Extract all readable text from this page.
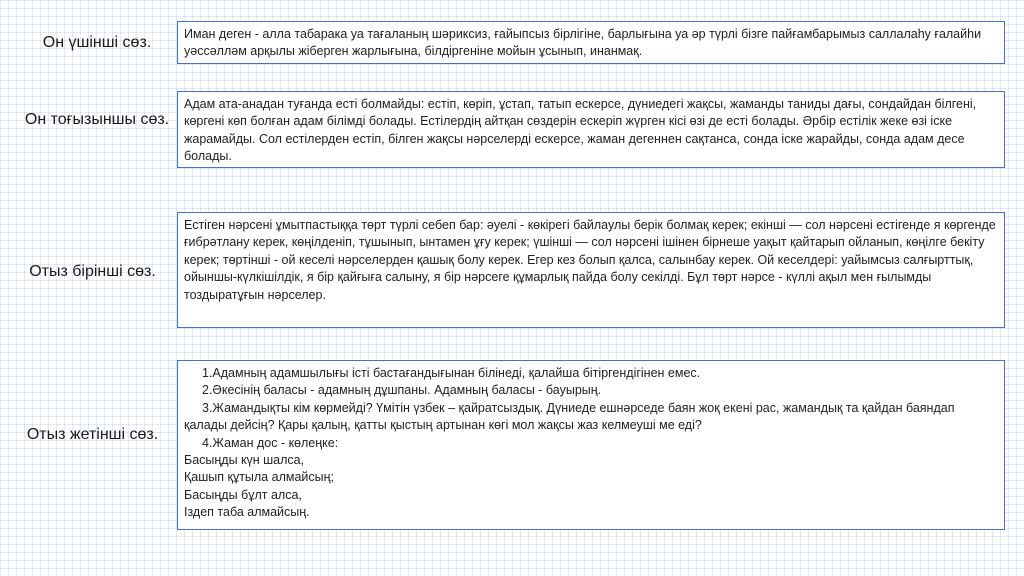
Он үшінші сөз.	Иман деген - алла табарака уа тағаланың шәриксиз, ғайыпсыз бірлігіне, барлығына уа әр түрлі бізге пайғамбарымыз саллалаһу ғалайһи уәссәлләм арқылы жіберген жарлығына, білдіргеніне мойын ұсынып, инанмақ.

Он тоғызыншы сөз.

Адам ата-анадан туғанда есті болмайды: естіп, көріп, ұстап, татып ескерсе, дүниедегі жақсы, жаманды таниды дағы, сондайдан білгені, көргені көп болған адам білімді болады. Естілердің айтқан сөздерін ескеріп жүрген кісі өзі де есті болады. Әрбір естілік жеке өзі іске жарамайды. Сол естілерден естіп, білген жақсы нәрселерді ескерсе, жаман дегеннен сақтанса, сонда іске жарайды, сонда адам десе болады.

Отыз бірінші сөз.

Естіген нәрсені ұмытпастыққа төрт түрлі себеп бар: әуелі - көкірегі байлаулы берік болмақ керек; екінші — сол нәрсені естігенде я көргенде ғибрәтлану керек, көңілденіп, тұшынып, ынтамен ұғу керек; үшінші — сол нәрсені ішінен бірнеше уақыт қайтарып ойланып, көңілге бекіту керек; төртінші - ой кеселі нәрселерден қашық болу керек. Егер кез болып қалса, салынбау керек. Ой кеселдері: уайымсыз салғырттық, ойыншы-күлкішілдік, я бір қайғыға салыну, я бір нәрсеге құмарлық пайда болу секілді. Бұл төрт нәрсе - күллі ақыл мен ғылымды тоздыратұғын нәрселер.

Отыз жетінші сөз.

1.Адамның адамшылығы істі бастағандығынан білінеді, қалайша бітіргендігінен емес.

2.Әкесінің баласы - адамның дұшпаны. Адамның баласы - бауырың.

3.Жамандықты кім көрмейді? Үмітін үзбек – қайратсыздық. Дүниеде ешнәрседе баян жоқ екені рас, жамандық та қайдан баяндап қалады дейсің? Қары қалың, қатты қыстың артынан көгі мол жақсы жаз келмеуші ме еді?

4.Жаман дос - көлеңке:

Басыңды күн шалса,

Қашып құтыла алмайсың;

Басыңды бұлт алса,

Іздеп таба алмайсың.
